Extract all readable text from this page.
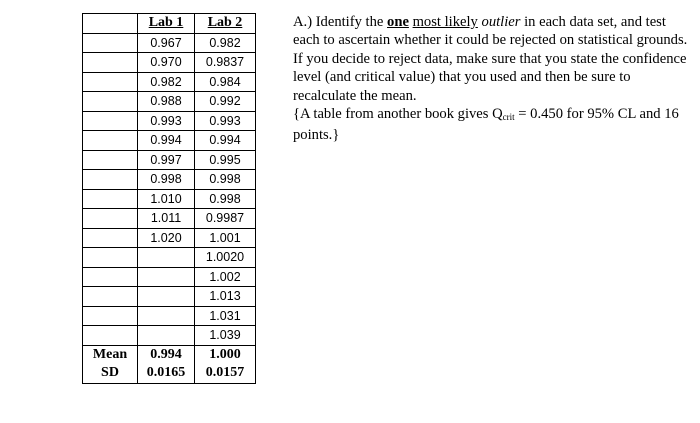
	Lab 1	Lab 2
	0.967	0.982
	0.970	0.9837
	0.982	0.984
	0.988	0.992
	0.993	0.993
	0.994	0.994
	0.997	0.995
	0.998	0.998
	1.010	0.998
	1.011	0.9987
	1.020	1.001
		1.0020
		1.002
		1.013
		1.031
		1.039
Mean	0.994	1.000
SD	0.0165	0.0157

A.) Identify the one most likely outlier in each data set, and test each to ascertain whether it could be rejected on statistical grounds. If you decide to reject data, make sure that you state the confidence level (and critical value) that you used and then be sure to recalculate the mean.

{A table from another book gives $Q_{crit} = 0.450$ for 95% CL and 16 points.}
